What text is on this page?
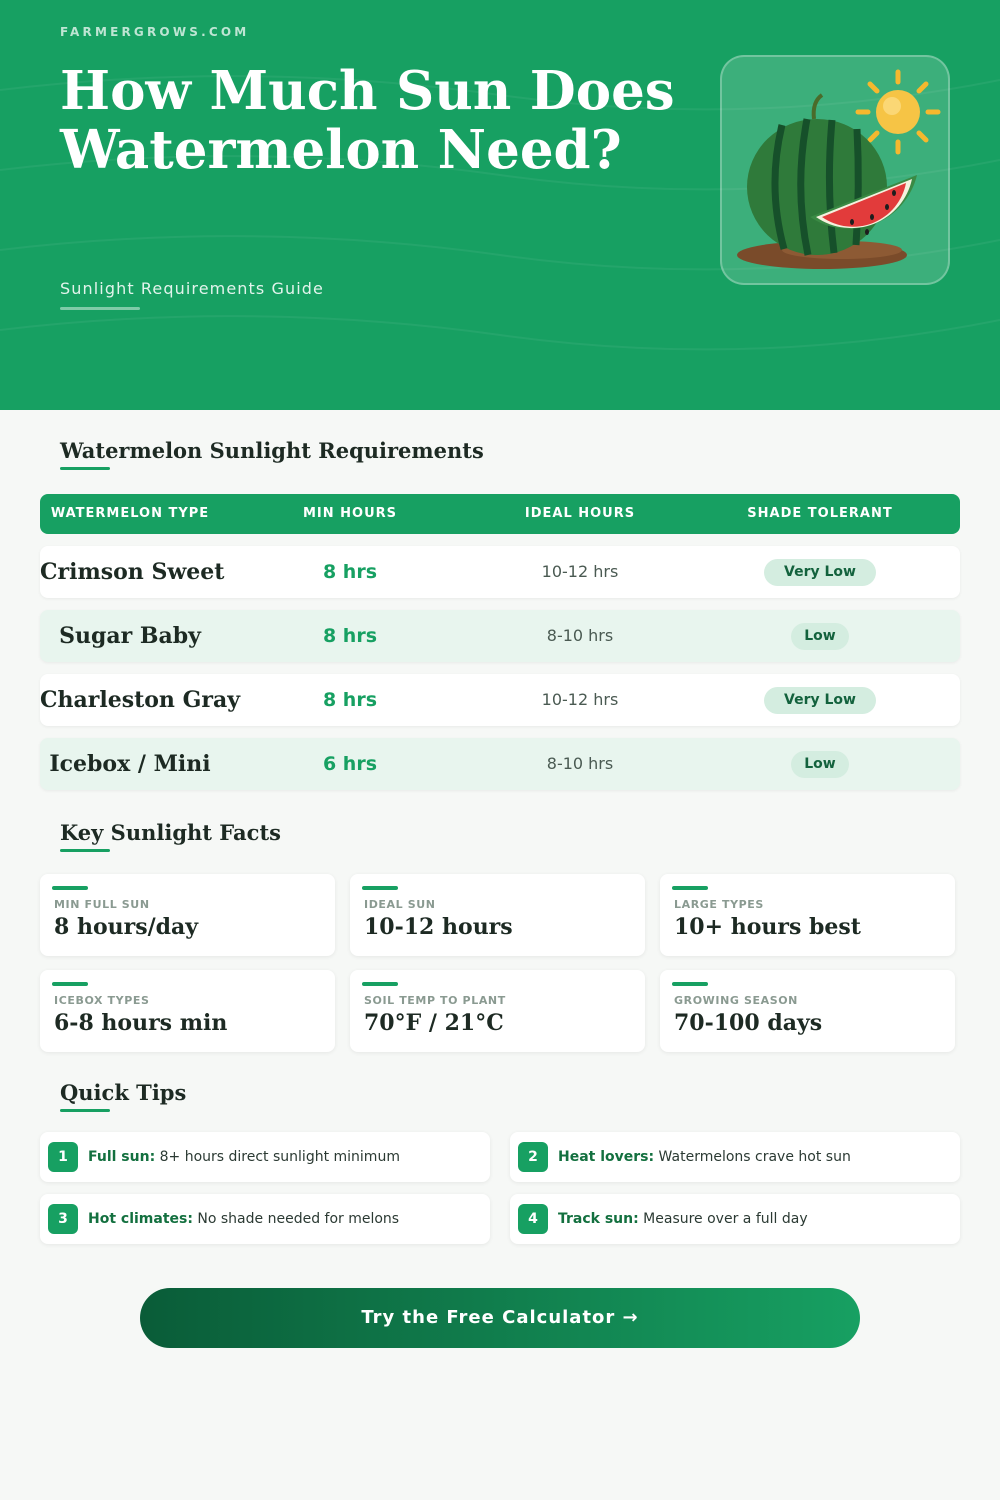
FARMERGROWS.COM
How Much Sun Does Watermelon Need?
Sunlight Requirements Guide
Watermelon Sunlight Requirements
WATERMELON TYPE	MIN HOURS	IDEAL HOURS	SHADE TOLERANT
Crimson Sweet	8 hrs	10-12 hrs	Very Low
Sugar Baby	8 hrs	8-10 hrs	Low
Charleston Gray	8 hrs	10-12 hrs	Very Low
Icebox / Mini	6 hrs	8-10 hrs	Low
Key Sunlight Facts
MIN FULL SUN
8 hours/day
IDEAL SUN
10-12 hours
LARGE TYPES
10+ hours best
ICEBOX TYPES
6-8 hours min
SOIL TEMP TO PLANT
70°F / 21°C
GROWING SEASON
70-100 days
Quick Tips
1	Full sun: 8+ hours direct sunlight minimum	2	Heat lovers: Watermelons crave hot sun
3	Hot climates: No shade needed for melons	4	Track sun: Measure over a full day
Try the Free Calculator →
